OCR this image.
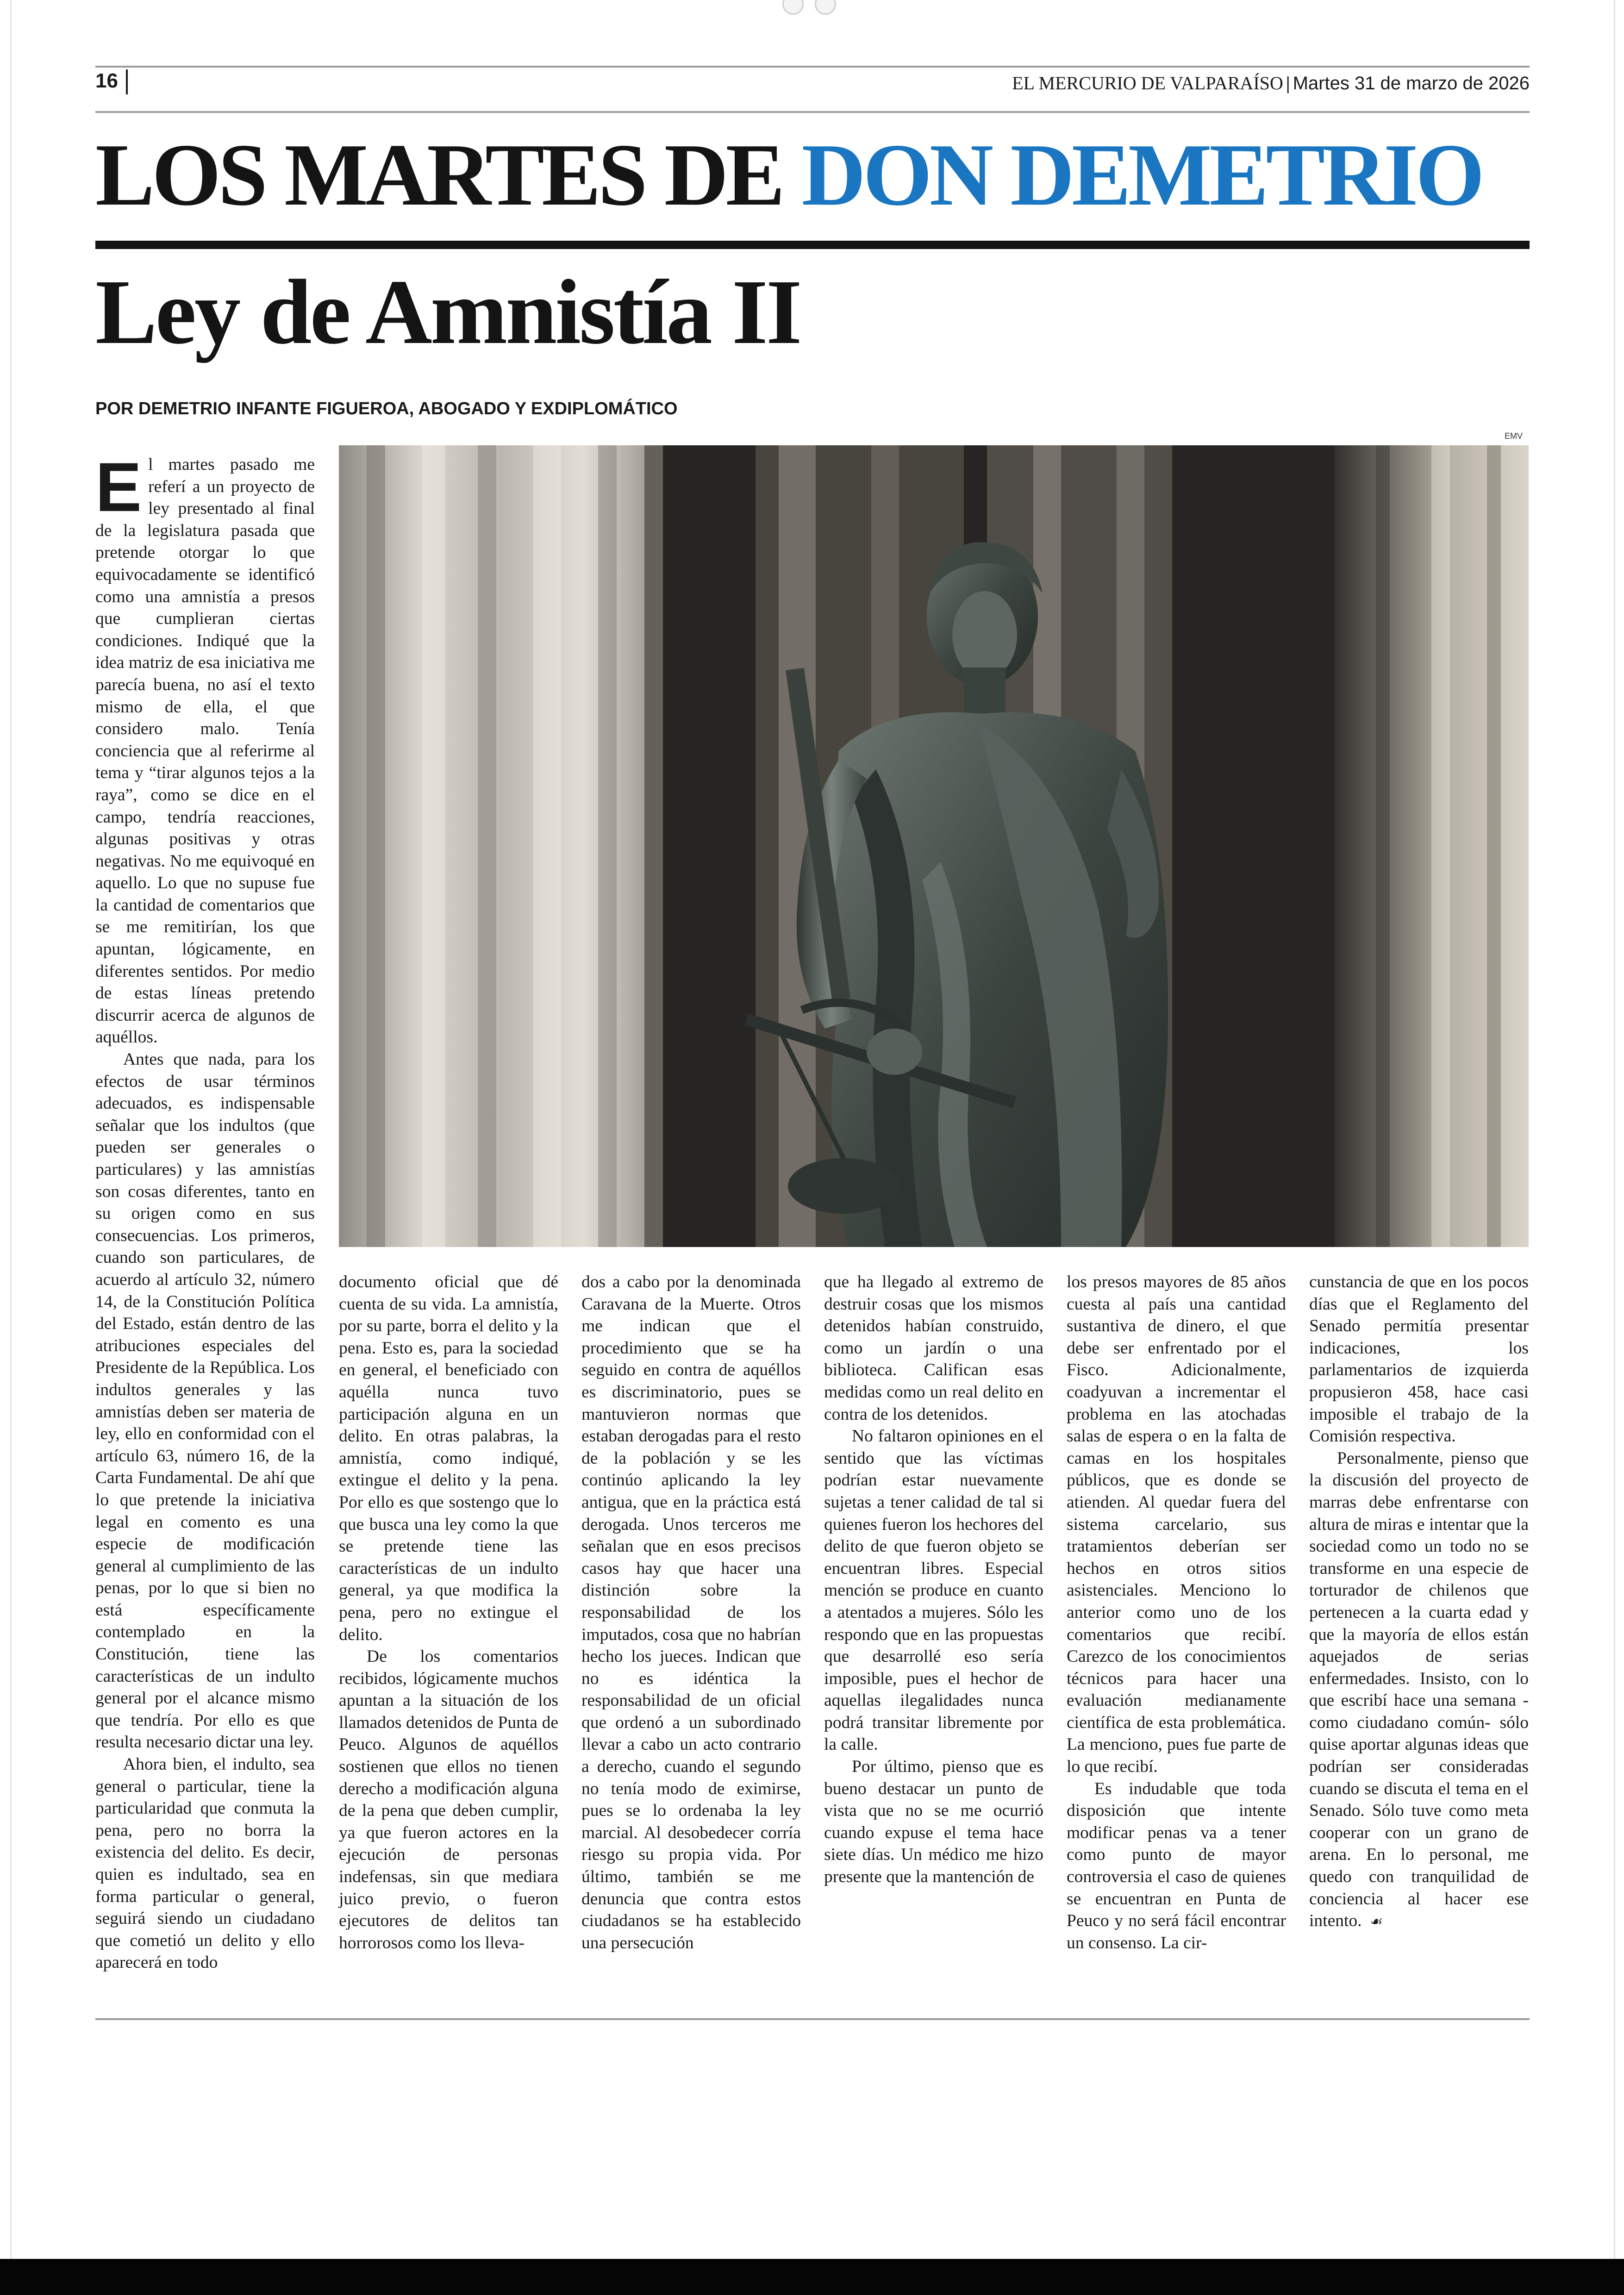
16	EL MERCURIO DE VALPARAÍSO | Martes 31 de marzo de 2026
LOS MARTES DE DON DEMETRIO
Ley de Amnistía II
POR DEMETRIO INFANTE FIGUEROA, ABOGADO Y EXDIPLOMÁTICO
EMV

El martes pasado me referí a un proyecto de ley presentado al final de la legislatura pasada que pretende otorgar lo que equivocadamente se identificó como una amnistía a presos que cumplieran ciertas condiciones. Indiqué que la idea matriz de esa iniciativa me parecía buena, no así el texto mismo de ella, el que considero malo. Tenía conciencia que al referirme al tema y “tirar algunos tejos a la raya”, como se dice en el campo, tendría reacciones, algunas positivas y otras negativas. No me equivoqué en aquello. Lo que no supuse fue la cantidad de comentarios que se me remitirían, los que apuntan, lógicamente, en diferentes sentidos. Por medio de estas líneas pretendo discurrir acerca de algunos de aquéllos.

Antes que nada, para los efectos de usar términos adecuados, es indispensable señalar que los indultos (que pueden ser generales o particulares) y las amnistías son cosas diferentes, tanto en su origen como en sus consecuencias. Los primeros, cuando son particulares, de acuerdo al artículo 32, número 14, de la Constitución Política del Estado, están dentro de las atribuciones especiales del Presidente de la República. Los indultos generales y las amnistías deben ser materia de ley, ello en conformidad con el artículo 63, número 16, de la Carta Fundamental. De ahí que lo que pretende la iniciativa legal en comento es una especie de modificación general al cumplimiento de las penas, por lo que si bien no está específicamente contemplado en la Constitución, tiene las características de un indulto general por el alcance mismo que tendría. Por ello es que resulta necesario dictar una ley.

Ahora bien, el indulto, sea general o particular, tiene la particularidad que conmuta la pena, pero no borra la existencia del delito. Es decir, quien es indultado, sea en forma particular o general, seguirá siendo un ciudadano que cometió un delito y ello aparecerá en todo

documento oficial que dé cuenta de su vida. La amnistía, por su parte, borra el delito y la pena. Esto es, para la sociedad en general, el beneficiado con aquélla nunca tuvo participación alguna en un delito. En otras palabras, la amnistía, como indiqué, extingue el delito y la pena. Por ello es que sostengo que lo que busca una ley como la que se pretende tiene las características de un indulto general, ya que modifica la pena, pero no extingue el delito.

De los comentarios recibidos, lógicamente muchos apuntan a la situación de los llamados detenidos de Punta de Peuco. Algunos de aquéllos sostienen que ellos no tienen derecho a modificación alguna de la pena que deben cumplir, ya que fueron actores en la ejecución de personas indefensas, sin que mediara juico previo, o fueron ejecutores de delitos tan horrorosos como los lleva-

dos a cabo por la denominada Caravana de la Muerte. Otros me indican que el procedimiento que se ha seguido en contra de aquéllos es discriminatorio, pues se mantuvieron normas que estaban derogadas para el resto de la población y se les continúo aplicando la ley antigua, que en la práctica está derogada. Unos terceros me señalan que en esos precisos casos hay que hacer una distinción sobre la responsabilidad de los imputados, cosa que no habrían hecho los jueces. Indican que no es idéntica la responsabilidad de un oficial que ordenó a un subordinado llevar a cabo un acto contrario a derecho, cuando el segundo no tenía modo de eximirse, pues se lo ordenaba la ley marcial. Al desobedecer corría riesgo su propia vida. Por último, también se me denuncia que contra estos ciudadanos se ha establecido una persecución

que ha llegado al extremo de destruir cosas que los mismos detenidos habían construido, como un jardín o una biblioteca. Califican esas medidas como un real delito en contra de los detenidos.

No faltaron opiniones en el sentido que las víctimas podrían estar nuevamente sujetas a tener calidad de tal si quienes fueron los hechores del delito de que fueron objeto se encuentran libres. Especial mención se produce en cuanto a atentados a mujeres. Sólo les respondo que en las propuestas que desarrollé eso sería imposible, pues el hechor de aquellas ilegalidades nunca podrá transitar libremente por la calle.

Por último, pienso que es bueno destacar un punto de vista que no se me ocurrió cuando expuse el tema hace siete días. Un médico me hizo presente que la mantención de

los presos mayores de 85 años cuesta al país una cantidad sustantiva de dinero, el que debe ser enfrentado por el Fisco. Adicionalmente, coadyuvan a incrementar el problema en las atochadas salas de espera o en la falta de camas en los hospitales públicos, que es donde se atienden. Al quedar fuera del sistema carcelario, sus tratamientos deberían ser hechos en otros sitios asistenciales. Menciono lo anterior como uno de los comentarios que recibí. Carezco de los conocimientos técnicos para hacer una evaluación medianamente científica de esta problemática. La menciono, pues fue parte de lo que recibí.

Es indudable que toda disposición que intente modificar penas va a tener como punto de mayor controversia el caso de quienes se encuentran en Punta de Peuco y no será fácil encontrar un consenso. La cir-

cunstancia de que en los pocos días que el Reglamento del Senado permitía presentar indicaciones, los parlamentarios de izquierda propusieron 458, hace casi imposible el trabajo de la Comisión respectiva.

Personalmente, pienso que la discusión del proyecto de marras debe enfrentarse con altura de miras e intentar que la sociedad como un todo no se transforme en una especie de torturador de chilenos que pertenecen a la cuarta edad y que la mayoría de ellos están aquejados de serias enfermedades. Insisto, con lo que escribí hace una semana -como ciudadano común- sólo quise aportar algunas ideas que podrían ser consideradas cuando se discuta el tema en el Senado. Sólo tuve como meta cooperar con un grano de arena. En lo personal, me quedo con tranquilidad de conciencia al hacer ese intento. ☙
